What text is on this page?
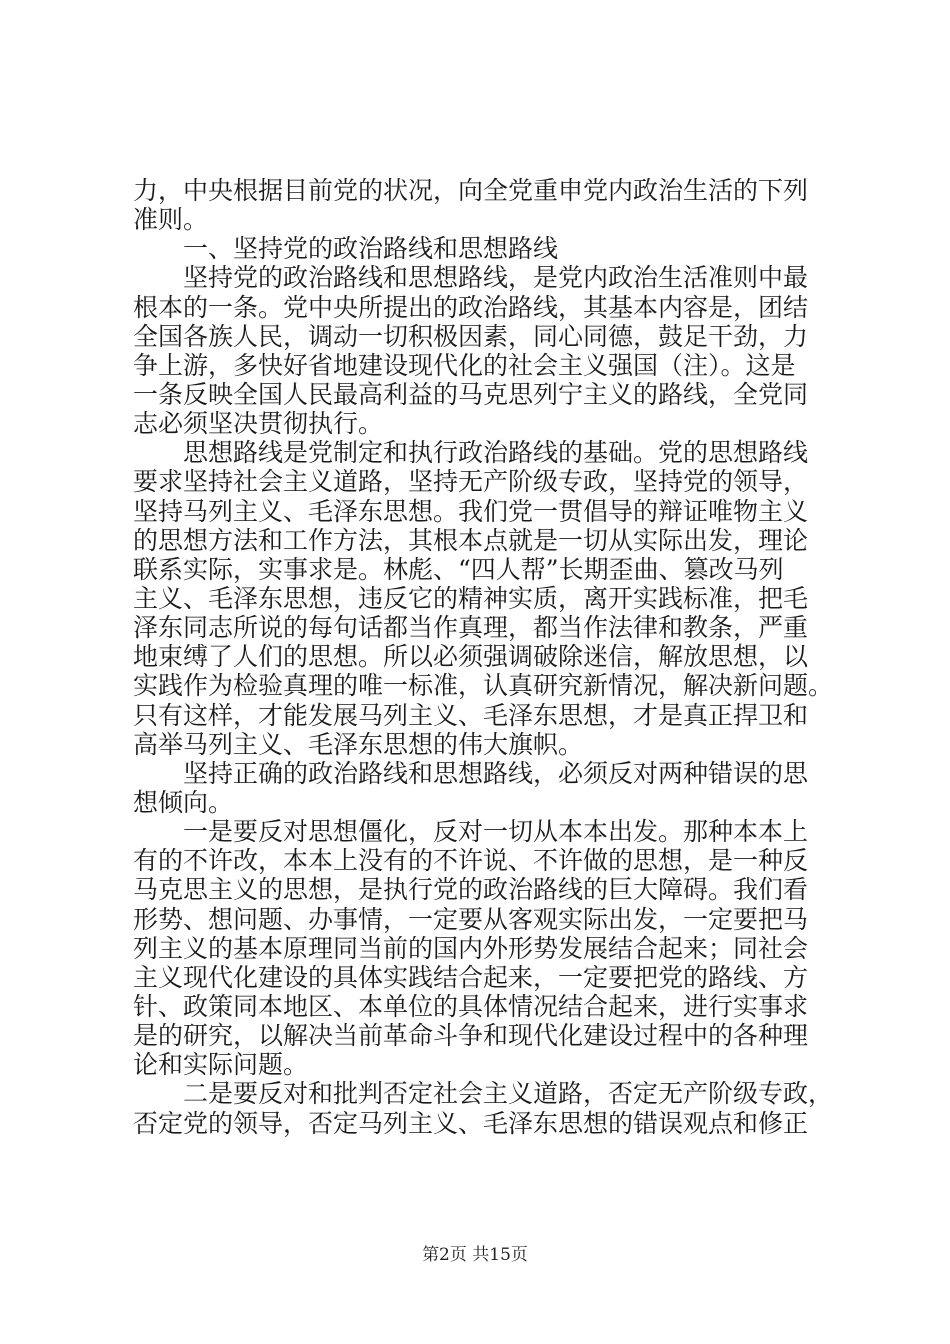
力，中央根据目前党的状况，向全党重申党内政治生活的下列
准则。
一、坚持党的政治路线和思想路线
坚持党的政治路线和思想路线，是党内政治生活准则中最
根本的一条。党中央所提出的政治路线，其基本内容是，团结
全国各族人民，调动一切积极因素，同心同德，鼓足干劲，力
争上游，多快好省地建设现代化的社会主义强国（注）。这是
一条反映全国人民最高利益的马克思列宁主义的路线，全党同
志必须坚决贯彻执行。
思想路线是党制定和执行政治路线的基础。党的思想路线
要求坚持社会主义道路，坚持无产阶级专政，坚持党的领导，
坚持马列主义、毛泽东思想。我们党一贯倡导的辩证唯物主义
的思想方法和工作方法，其根本点就是一切从实际出发，理论
联系实际，实事求是。林彪、“四人帮”长期歪曲、篡改马列
主义、毛泽东思想，违反它的精神实质，离开实践标准，把毛
泽东同志所说的每句话都当作真理，都当作法律和教条，严重
地束缚了人们的思想。所以必须强调破除迷信，解放思想，以
实践作为检验真理的唯一标准，认真研究新情况，解决新问题。
只有这样，才能发展马列主义、毛泽东思想，才是真正捍卫和
高举马列主义、毛泽东思想的伟大旗帜。
坚持正确的政治路线和思想路线，必须反对两种错误的思
想倾向。
一是要反对思想僵化，反对一切从本本出发。那种本本上
有的不许改，本本上没有的不许说、不许做的思想，是一种反
马克思主义的思想，是执行党的政治路线的巨大障碍。我们看
形势、想问题、办事情，一定要从客观实际出发，一定要把马
列主义的基本原理同当前的国内外形势发展结合起来；同社会
主义现代化建设的具体实践结合起来，一定要把党的路线、方
针、政策同本地区、本单位的具体情况结合起来，进行实事求
是的研究，以解决当前革命斗争和现代化建设过程中的各种理
论和实际问题。
二是要反对和批判否定社会主义道路，否定无产阶级专政，
否定党的领导，否定马列主义、毛泽东思想的错误观点和修正
第2页 共15页
